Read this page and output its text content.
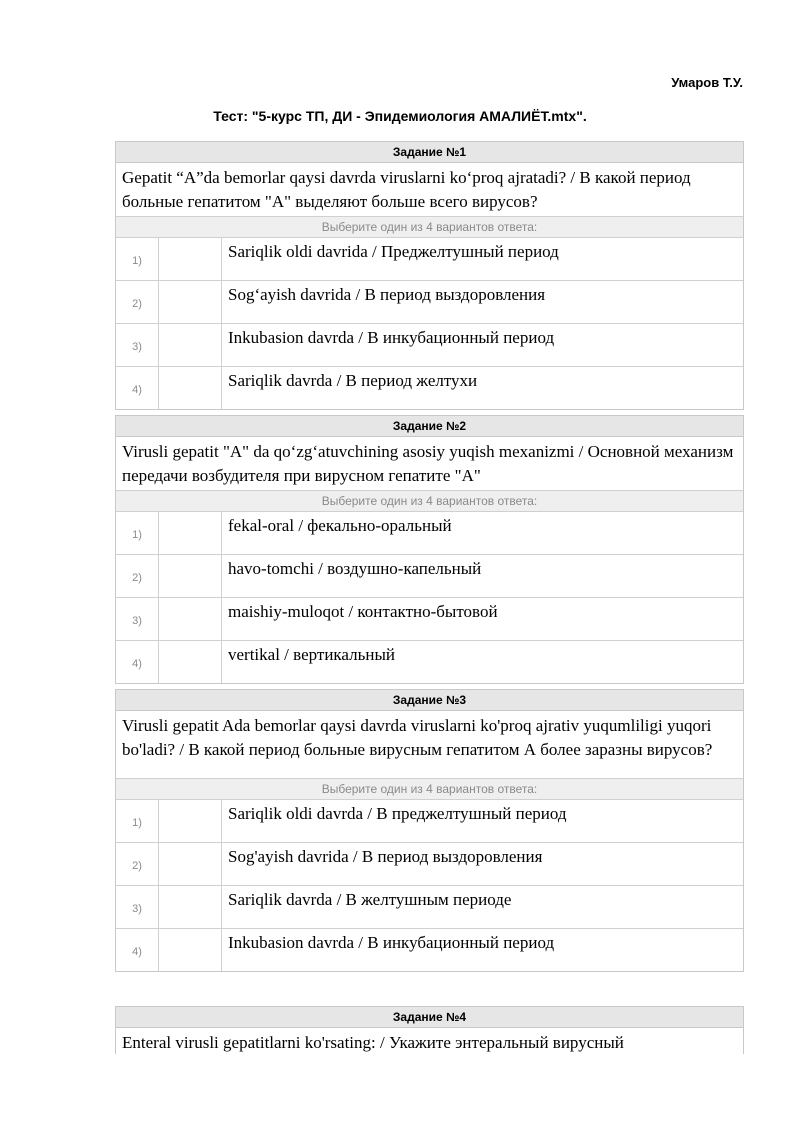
Умаров Т.У.
Тест: "5-курс ТП, ДИ - Эпидемиология АМАЛИЁТ.mtx".
Задание №1
Gepatit “A”da bemorlar qaysi davrda viruslarni ko‘proq ajratadi? / В какой период больные гепатитом "A" выделяют больше всего вирусов?
Выберите один из 4 вариантов ответа:
1)	Sariqlik oldi davrida / Преджелтушный период
2)	Sog‘ayish davrida / В период выздоровления
3)	Inkubasion davrda / В инкубационный период
4)	Sariqlik davrda / В период желтухи
Задание №2
Virusli gepatit "A" da qo‘zg‘atuvchining asosiy yuqish mexanizmi / Основной механизм передачи возбудителя при вирусном гепатите "A"
Выберите один из 4 вариантов ответа:
1)	fekal-oral / фекально-оральный
2)	havo-tomchi / воздушно-капельный
3)	maishiy-muloqot / контактно-бытовой
4)	vertikal / вертикальный
Задание №3
Virusli gepatit Ada bemorlar qaysi davrda viruslarni ko'proq ajrativ yuqumliligi yuqori bo'ladi? / В какой период больные вирусным гепатитом А более заразны вирусов?
Выберите один из 4 вариантов ответа:
1)	Sariqlik oldi davrda / В преджелтушный период
2)	Sog'ayish davrida / В период выздоровления
3)	Sariqlik davrda / В желтушным периоде
4)	Inkubasion davrda / В инкубационный период
Задание №4
Enteral virusli gepatitlarni ko'rsating: / Укажите энтеральный вирусный
